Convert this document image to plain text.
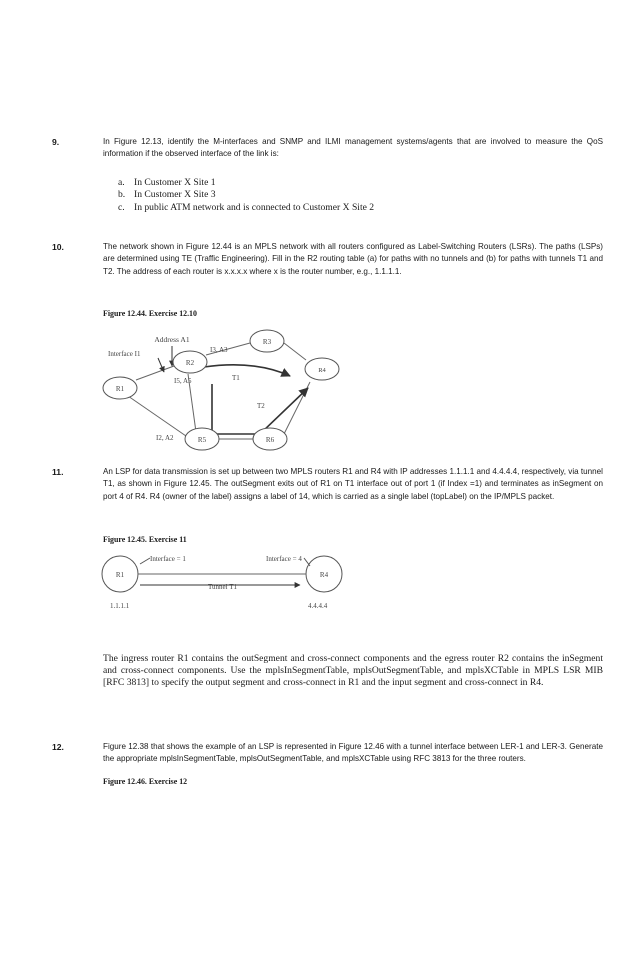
9.	In Figure 12.13, identify the M-interfaces and SNMP and ILMI management systems/agents that are involved to measure the QoS information if the observed interface of the link is:
a. In Customer X Site 1
b. In Customer X Site 3
c. In public ATM network and is connected to Customer X Site 2
10.	The network shown in Figure 12.44 is an MPLS network with all routers configured as Label-Switching Routers (LSRs). The paths (LSPs) are determined using TE (Traffic Engineering). Fill in the R2 routing table (a) for paths with no tunnels and (b) for paths with tunnels T1 and T2. The address of each router is x.x.x.x where x is the router number, e.g., 1.1.1.1.
Figure 12.44. Exercise 12.10
R1
R2
R3
R4
R5	R6
Address A1
Interface I1	I3, A3
I5, A5
I2, A2
T1
T2
11.	An LSP for data transmission is set up between two MPLS routers R1 and R4 with IP addresses 1.1.1.1 and 4.4.4.4, respectively, via tunnel T1, as shown in Figure 12.45. The outSegment exits out of R1 on T1 interface out of port 1 (if Index =1) and terminates as inSegment on port 4 of R4. R4 (owner of the label) assigns a label of 14, which is carried as a single label (topLabel) on the IP/MPLS packet.
Figure 12.45. Exercise 11
R1	R4
Interface = 1	Interface = 4
Tunnel T1
1.1.1.1	4.4.4.4
The ingress router R1 contains the outSegment and cross-connect components and the egress router R2 contains the inSegment and cross-connect components. Use the mplsInSegmentTable, mplsOutSegmentTable, and mplsXCTable in MPLS LSR MIB [RFC 3813] to specify the output segment and cross-connect in R1 and the input segment and cross-connect in R4.
12.	Figure 12.38 that shows the example of an LSP is represented in Figure 12.46 with a tunnel interface between LER-1 and LER-3. Generate the appropriate mplsInSegmentTable, mplsOutSegmentTable, and mplsXCTable using RFC 3813 for the three routers.
Figure 12.46. Exercise 12
